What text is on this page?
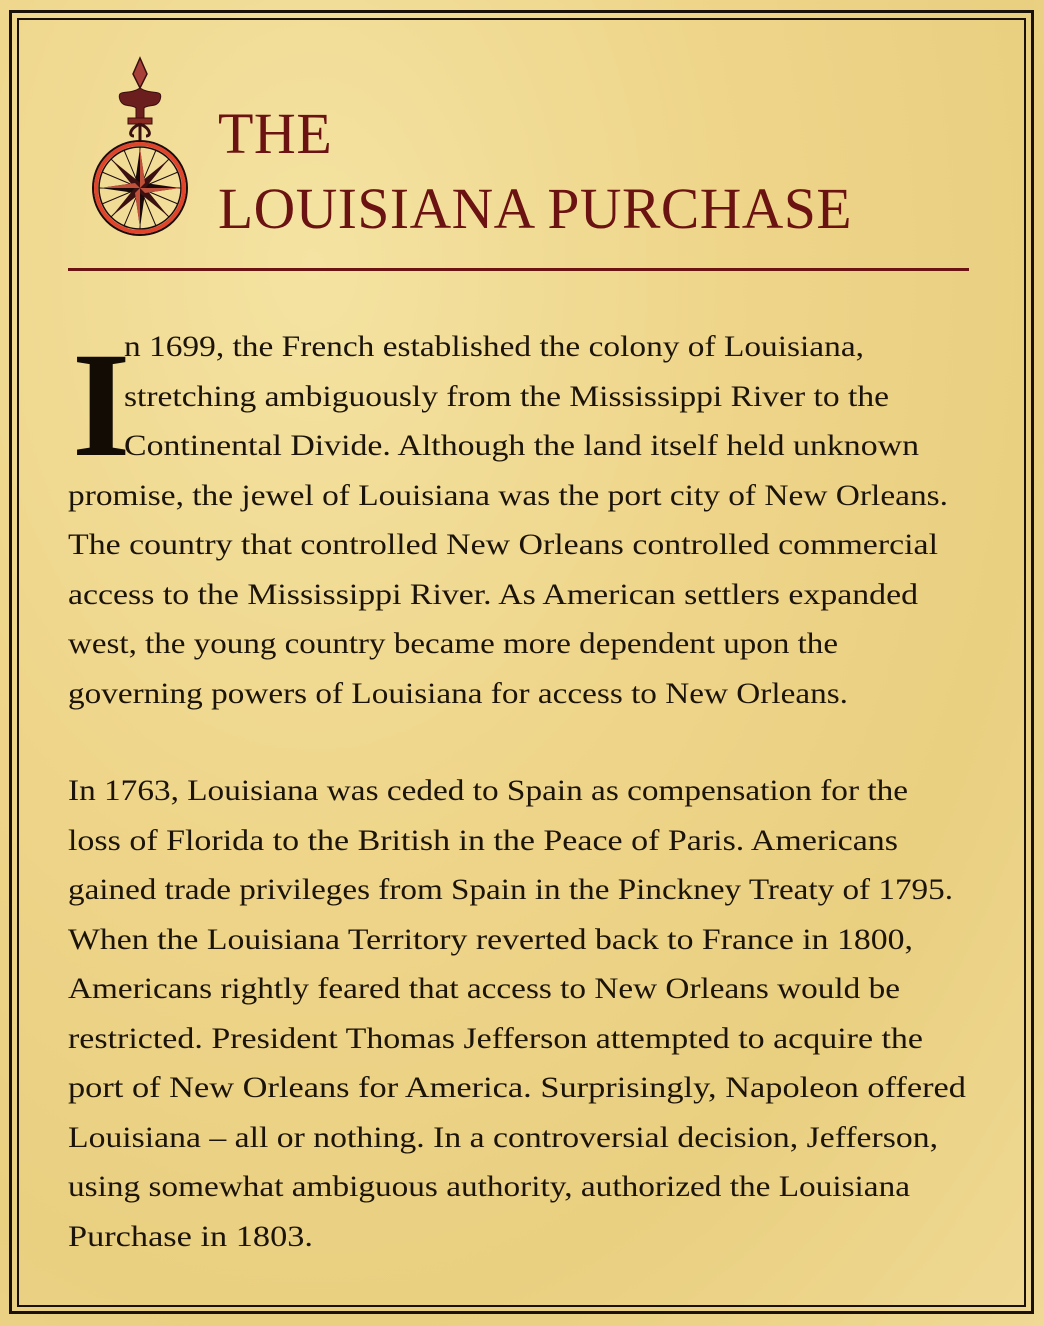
THE
LOUISIANA PURCHASE
I
n 1699, the French established the colony of Louisiana,
stretching ambiguously from the Mississippi River to the
Continental Divide. Although the land itself held unknown
promise, the jewel of Louisiana was the port city of New Orleans.
The country that controlled New Orleans controlled commercial
access to the Mississippi River. As American settlers expanded
west, the young country became more dependent upon the
governing powers of Louisiana for access to New Orleans.
In 1763, Louisiana was ceded to Spain as compensation for the
loss of Florida to the British in the Peace of Paris. Americans
gained trade privileges from Spain in the Pinckney Treaty of 1795.
When the Louisiana Territory reverted back to France in 1800,
Americans rightly feared that access to New Orleans would be
restricted. President Thomas Jefferson attempted to acquire the
port of New Orleans for America. Surprisingly, Napoleon offered
Louisiana – all or nothing. In a controversial decision, Jefferson,
using somewhat ambiguous authority, authorized the Louisiana
Purchase in 1803.
